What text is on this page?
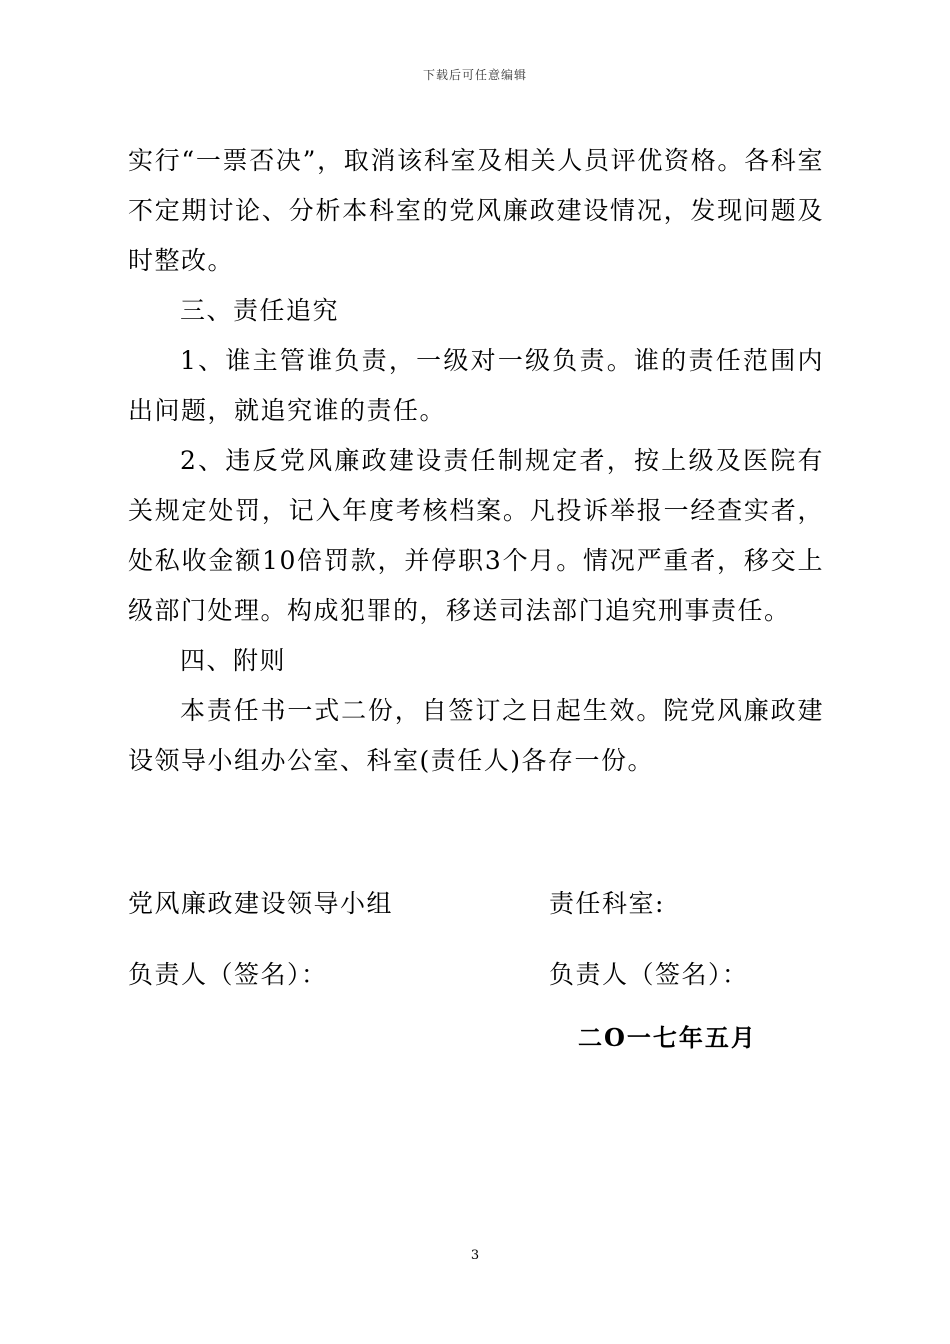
下载后可任意编辑

实行“一票否决”，取消该科室及相关人员评优资格。各科室不定期讨论、分析本科室的党风廉政建设情况，发现问题及时整改。

三、责任追究

1、谁主管谁负责，一级对一级负责。谁的责任范围内出问题，就追究谁的责任。

2、违反党风廉政建设责任制规定者，按上级及医院有关规定处罚，记入年度考核档案。凡投诉举报一经查实者，处私收金额10倍罚款，并停职3个月。情况严重者，移交上级部门处理。构成犯罪的，移送司法部门追究刑事责任。

四、附则

本责任书一式二份，自签订之日起生效。院党风廉政建设领导小组办公室、科室(责任人)各存一份。

党风廉政建设领导小组	责任科室:
负责人（签名）：	负责人（签名）：
二O一七年五月
3
